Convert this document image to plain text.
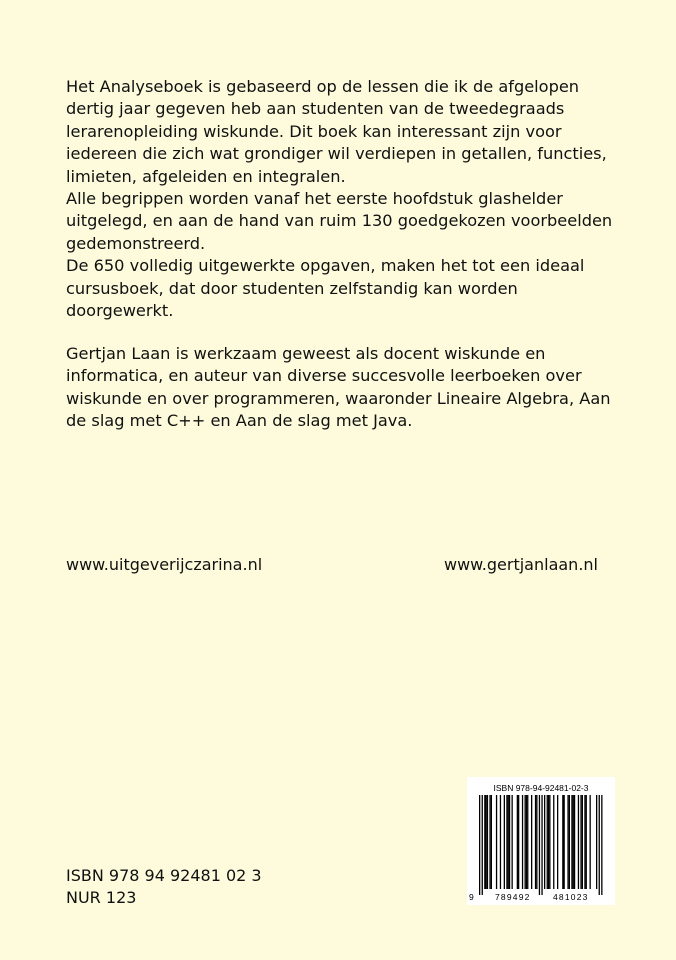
Het Analyseboek is gebaseerd op de lessen die ik de afgelopen
dertig jaar gegeven heb aan studenten van de tweedegraads
lerarenopleiding wiskunde. Dit boek kan interessant zijn voor
iedereen die zich wat grondiger wil verdiepen in getallen, functies,
limieten, afgeleiden en integralen.

Alle begrippen worden vanaf het eerste hoofdstuk glashelder
uitgelegd, en aan de hand van ruim 130 goedgekozen voorbeelden
gedemonstreerd.

De 650 volledig uitgewerkte opgaven, maken het tot een ideaal
cursusboek, dat door studenten zelfstandig kan worden
doorgewerkt.

Gertjan Laan is werkzaam geweest als docent wiskunde en
informatica, en auteur van diverse succesvolle leerboeken over
wiskunde en over programmeren, waaronder Lineaire Algebra, Aan
de slag met C++ en Aan de slag met Java.

www.uitgeverijczarina.nl	www.gertjanlaan.nl
ISBN 978 94 92481 02 3
NUR 123
ISBN 978-94-92481-02-3
9	789492	481023
